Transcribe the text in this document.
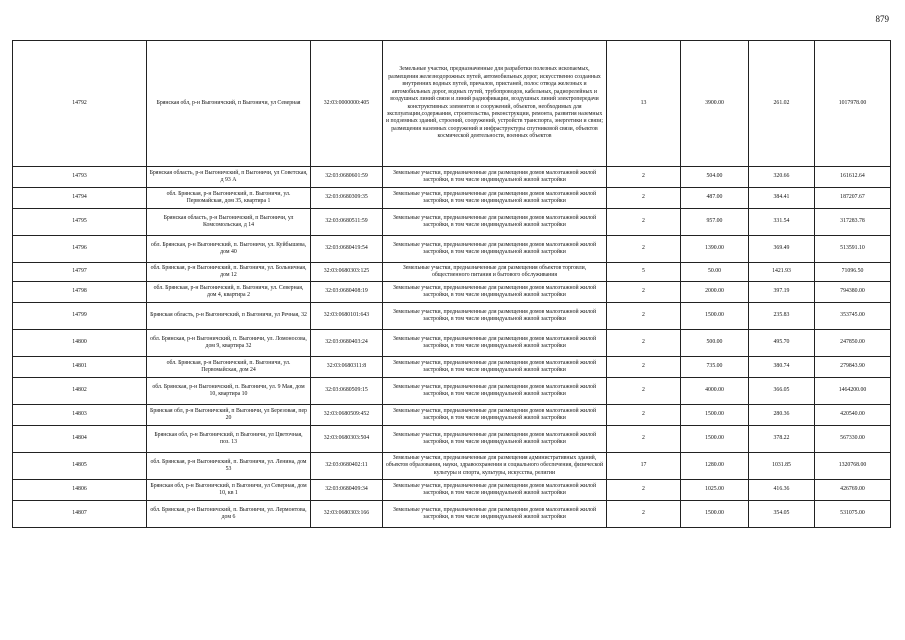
879
14792	Брянская обл, р-н Выгоничский, п Выгоничи, ул Северная	32:03:0000000:405	Земельные участки, предназначенные для разработки полезных ископаемых, размещения железнодорожных путей, автомобильных дорог, искусственно созданных внутренних водных путей, причалов, пристаней, полос отвода железных и автомобильных дорог, водных путей, трубопроводов, кабельных, радиорелейных и воздушных линий связи и линий радиофикации, воздушных линий электропередачи конструктивных элементов и сооружений, объектов, необходимых для эксплуатации,содержания, строительства, реконструкции, ремонта, развития наземных и подземных зданий, строений, сооружений, устройств транспорта, энергетики и связи; размещения наземных сооружений и инфраструктуры спутниковой связи, объектов космической деятельности, военных объектов	13	3900.00	261.02	1017978.00
14793	Брянская область, р-н Выгоничский, п Выгоничи, ул Советская, д 93 А	32:03:0680601:59	Земельные участки, предназначенные для размещения домов малоэтажной жилой застройки, в том числе индивидуальной жилой застройки	2	504.00	320.66	161612.64
14794	обл. Брянская, р-н Выгоничский, п. Выгоничи, ул. Первомайская, дом 35, квартира 1	32:03:0680309:35	Земельные участки, предназначенные для размещения домов малоэтажной жилой застройки, в том числе индивидуальной жилой застройки	2	487.00	384.41	187207.67
14795	Брянская область, р-н Выгоничский, п Выгоничи, ул Комсомольская, д 14	32:03:0680511:59	Земельные участки, предназначенные для размещения домов малоэтажной жилой застройки, в том числе индивидуальной жилой застройки	2	957.00	331.54	317283.78
14796	обл. Брянская, р-н Выгоничский, п. Выгоничи, ул. Куйбышева, дом 40	32:03:0680419:54	Земельные участки, предназначенные для размещения домов малоэтажной жилой застройки, в том числе индивидуальной жилой застройки	2	1390.00	369.49	513591.10
14797	обл. Брянская, р-н Выгоничский, п. Выгоничи, ул. Больничная, дом 12	32:03:0680303:125	Земельные участки, предназначенные для размещения объектов торговли, общественного питания и бытового обслуживания	5	50.00	1421.93	71096.50
14798	обл. Брянская, р-н Выгоничский, п. Выгоничи, ул. Северная, дом 4, квартира 2	32:03:0680408:19	Земельные участки, предназначенные для размещения домов малоэтажной жилой застройки, в том числе индивидуальной жилой застройки	2	2000.00	397.19	794380.00
14799	Брянская область, р-н Выгоничский, п Выгоничи, ул Речная, 32	32:03:0680101:643	Земельные участки, предназначенные для размещения домов малоэтажной жилой застройки, в том числе индивидуальной жилой застройки	2	1500.00	235.83	353745.00
14800	обл. Брянская, р-н Выгоничский, п. Выгоничи, ул. Ломоносова, дом 9, квартира 32	32:03:0680403:24	Земельные участки, предназначенные для размещения домов малоэтажной жилой застройки, в том числе индивидуальной жилой застройки	2	500.00	495.70	247850.00
14801	обл. Брянская, р-н Выгоничский, п. Выгоничи, ул. Первомайская, дом 24	32:03:0680311:8	Земельные участки, предназначенные для размещения домов малоэтажной жилой застройки, в том числе индивидуальной жилой застройки	2	735.00	380.74	279843.90
14802	обл. Брянская, р-н Выгоничский, п. Выгоничи, ул. 9 Мая, дом 10, квартира 10	32:03:0680509:15	Земельные участки, предназначенные для размещения домов малоэтажной жилой застройки, в том числе индивидуальной жилой застройки	2	4000.00	366.05	1464200.00
14803	Брянская обл, р-н Выгоничский, п Выгоничи, ул Березовая, пер 20	32:03:0680509:452	Земельные участки, предназначенные для размещения домов малоэтажной жилой застройки, в том числе индивидуальной жилой застройки	2	1500.00	280.36	420540.00
14804	Брянская обл, р-н Выгоничский, п Выгоничи, ул Цветочная, поз. 13	32:03:0680303:504	Земельные участки, предназначенные для размещения домов малоэтажной жилой застройки, в том числе индивидуальной жилой застройки	2	1500.00	378.22	567330.00
14805	обл. Брянская, р-н Выгоничский, п. Выгоничи, ул. Ленина, дом 53	32:03:0680402:11	Земельные участки, предназначенные для размещения административных зданий, объектов образования, науки, здравоохранения и социального обеспечения, физической культуры и спорта, культуры, искусства, религии	17	1280.00	1031.85	1320768.00
14806	Брянская обл, р-н Выгоничский, п Выгоничи, ул Северная, дом 10, кв 1	32:03:0680409:34	Земельные участки, предназначенные для размещения домов малоэтажной жилой застройки, в том числе индивидуальной жилой застройки	2	1025.00	416.36	426769.00
14807	обл. Брянская, р-н Выгоничский, п. Выгоничи, ул. Лермонтова, дом 6	32:03:0680303:166	Земельные участки, предназначенные для размещения домов малоэтажной жилой застройки, в том числе индивидуальной жилой застройки	2	1500.00	354.05	531075.00
